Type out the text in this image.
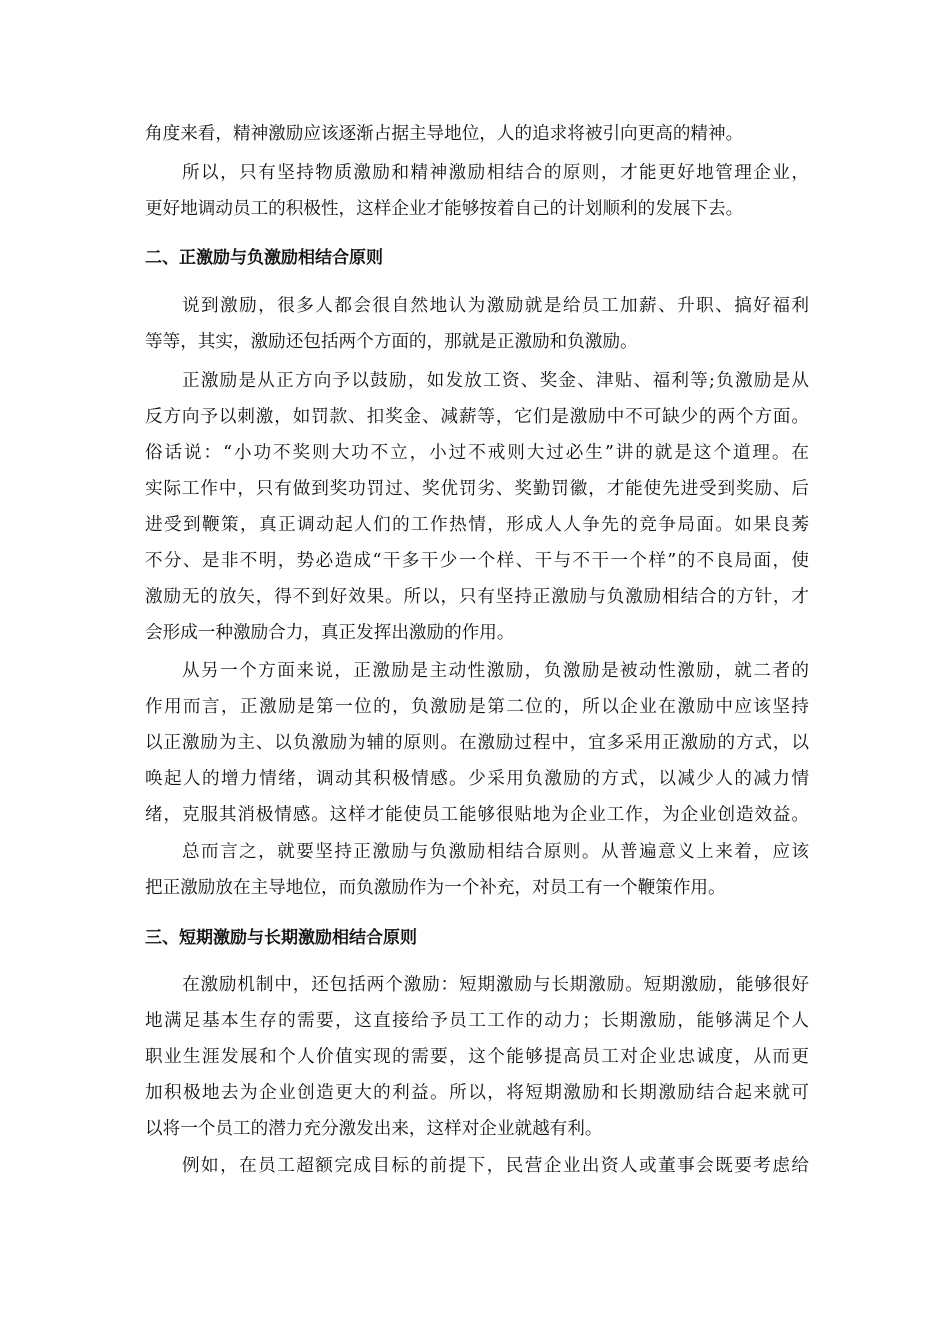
角度来看，精神激励应该逐渐占据主导地位，人的追求将被引向更高的精神。
所以，只有坚持物质激励和精神激励相结合的原则，才能更好地管理企业，
更好地调动员工的积极性，这样企业才能够按着自己的计划顺利的发展下去。
二、正激励与负激励相结合原则
说到激励，很多人都会很自然地认为激励就是给员工加薪、升职、搞好福利
等等，其实，激励还包括两个方面的，那就是正激励和负激励。
正激励是从正方向予以鼓励，如发放工资、奖金、津贴、福利等;负激励是从
反方向予以刺激，如罚款、扣奖金、减薪等，它们是激励中不可缺少的两个方面。
俗话说：“小功不奖则大功不立，小过不戒则大过必生”讲的就是这个道理。在
实际工作中，只有做到奖功罚过、奖优罚劣、奖勤罚徽，才能使先进受到奖励、后
进受到鞭策，真正调动起人们的工作热情，形成人人争先的竞争局面。如果良莠
不分、是非不明，势必造成“干多干少一个样、干与不干一个样”的不良局面，使
激励无的放矢，得不到好效果。所以，只有坚持正激励与负激励相结合的方针，才
会形成一种激励合力，真正发挥出激励的作用。
从另一个方面来说，正激励是主动性激励，负激励是被动性激励，就二者的
作用而言，正激励是第一位的，负激励是第二位的，所以企业在激励中应该坚持
以正激励为主、以负激励为辅的原则。在激励过程中，宜多采用正激励的方式，以
唤起人的增力情绪，调动其积极情感。少采用负激励的方式，以减少人的减力情
绪，克服其消极情感。这样才能使员工能够很贴地为企业工作，为企业创造效益。
总而言之，就要坚持正激励与负激励相结合原则。从普遍意义上来着，应该
把正激励放在主导地位，而负激励作为一个补充，对员工有一个鞭策作用。
三、短期激励与长期激励相结合原则
在激励机制中，还包括两个激励：短期激励与长期激励。短期激励，能够很好
地满足基本生存的需要，这直接给予员工工作的动力；长期激励，能够满足个人
职业生涯发展和个人价值实现的需要，这个能够提高员工对企业忠诚度，从而更
加积极地去为企业创造更大的利益。所以，将短期激励和长期激励结合起来就可
以将一个员工的潜力充分激发出来，这样对企业就越有利。
例如，在员工超额完成目标的前提下，民营企业出资人或董事会既要考虑给
